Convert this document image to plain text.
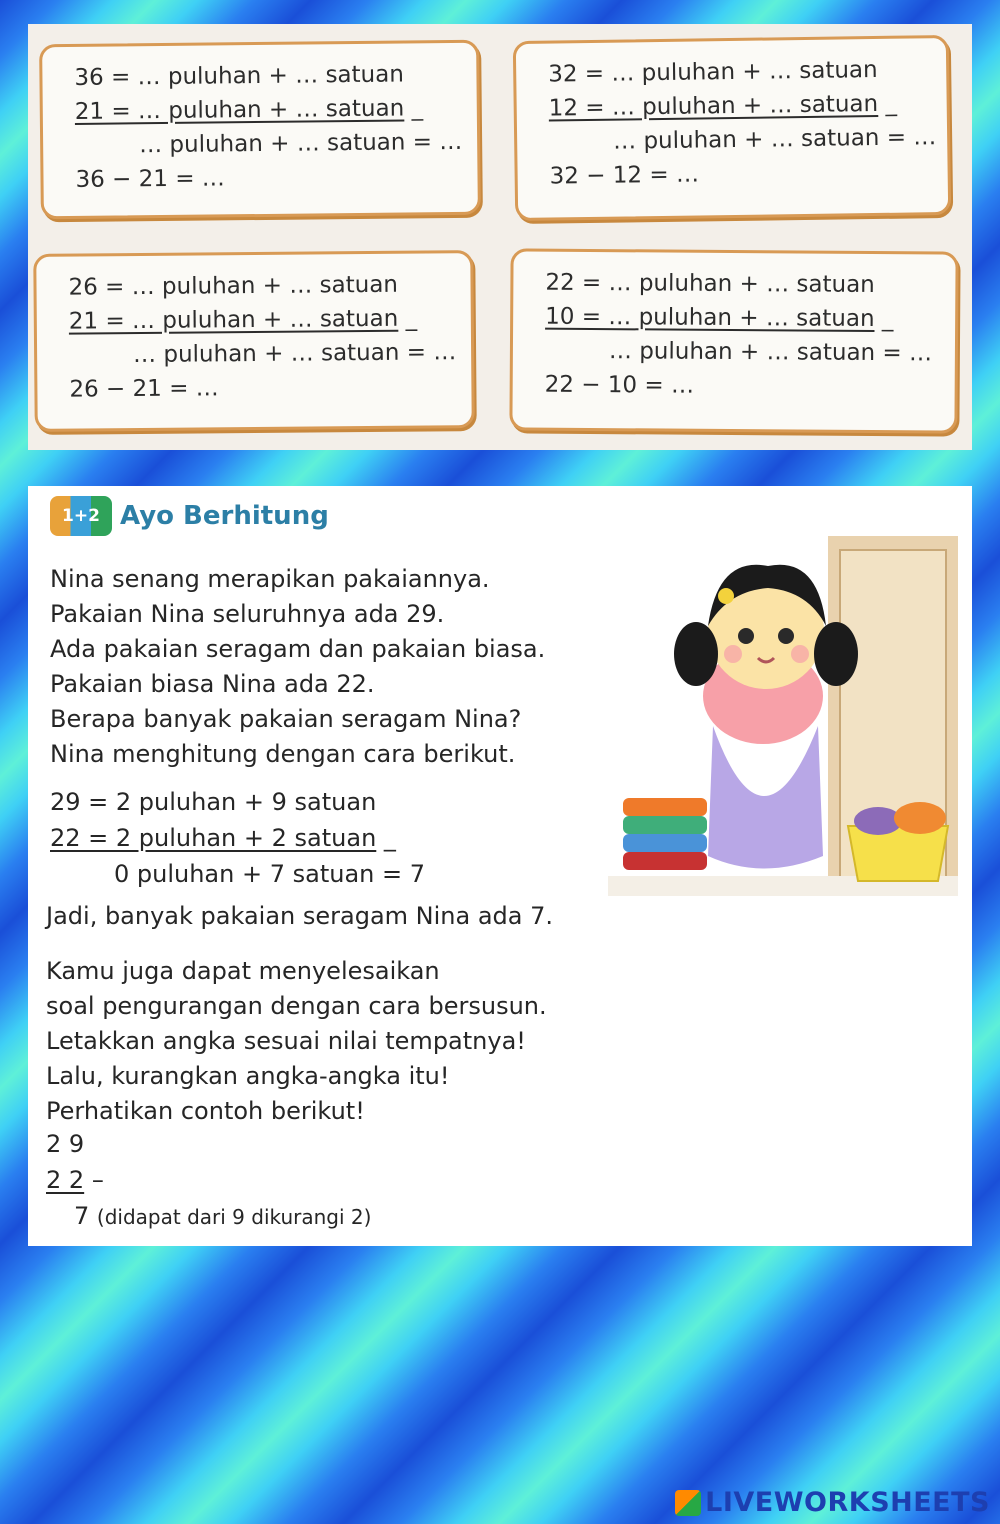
36 = … puluhan + … satuan
21 = … puluhan + … satuan _
… puluhan + … satuan = …
36 − 21 = …
32 = … puluhan + … satuan
12 = … puluhan + … satuan _
… puluhan + … satuan = …
32 − 12 = …
26 = … puluhan + … satuan
21 = … puluhan + … satuan _
… puluhan + … satuan = …
26 − 21 = …
22 = … puluhan + … satuan
10 = … puluhan + … satuan _
… puluhan + … satuan = …
22 − 10 = …
1+2 Ayo Berhitung

Nina senang merapikan pakaiannya.

Pakaian Nina seluruhnya ada 29.

Ada pakaian seragam dan pakaian biasa.

Pakaian biasa Nina ada 22.

Berapa banyak pakaian seragam Nina?

Nina menghitung dengan cara berikut.

29 = 2 puluhan + 9 satuan
22 = 2 puluhan + 2 satuan _
0 puluhan + 7 satuan = 7
Jadi, banyak pakaian seragam Nina ada 7.

Kamu juga dapat menyelesaikan

soal pengurangan dengan cara bersusun.

Letakkan angka sesuai nilai tempatnya!

Lalu, kurangkan angka-angka itu!

Perhatikan contoh berikut!

2 9
2 2 –
7 (didapat dari 9 dikurangi 2)
LIVEWORKSHEETS
